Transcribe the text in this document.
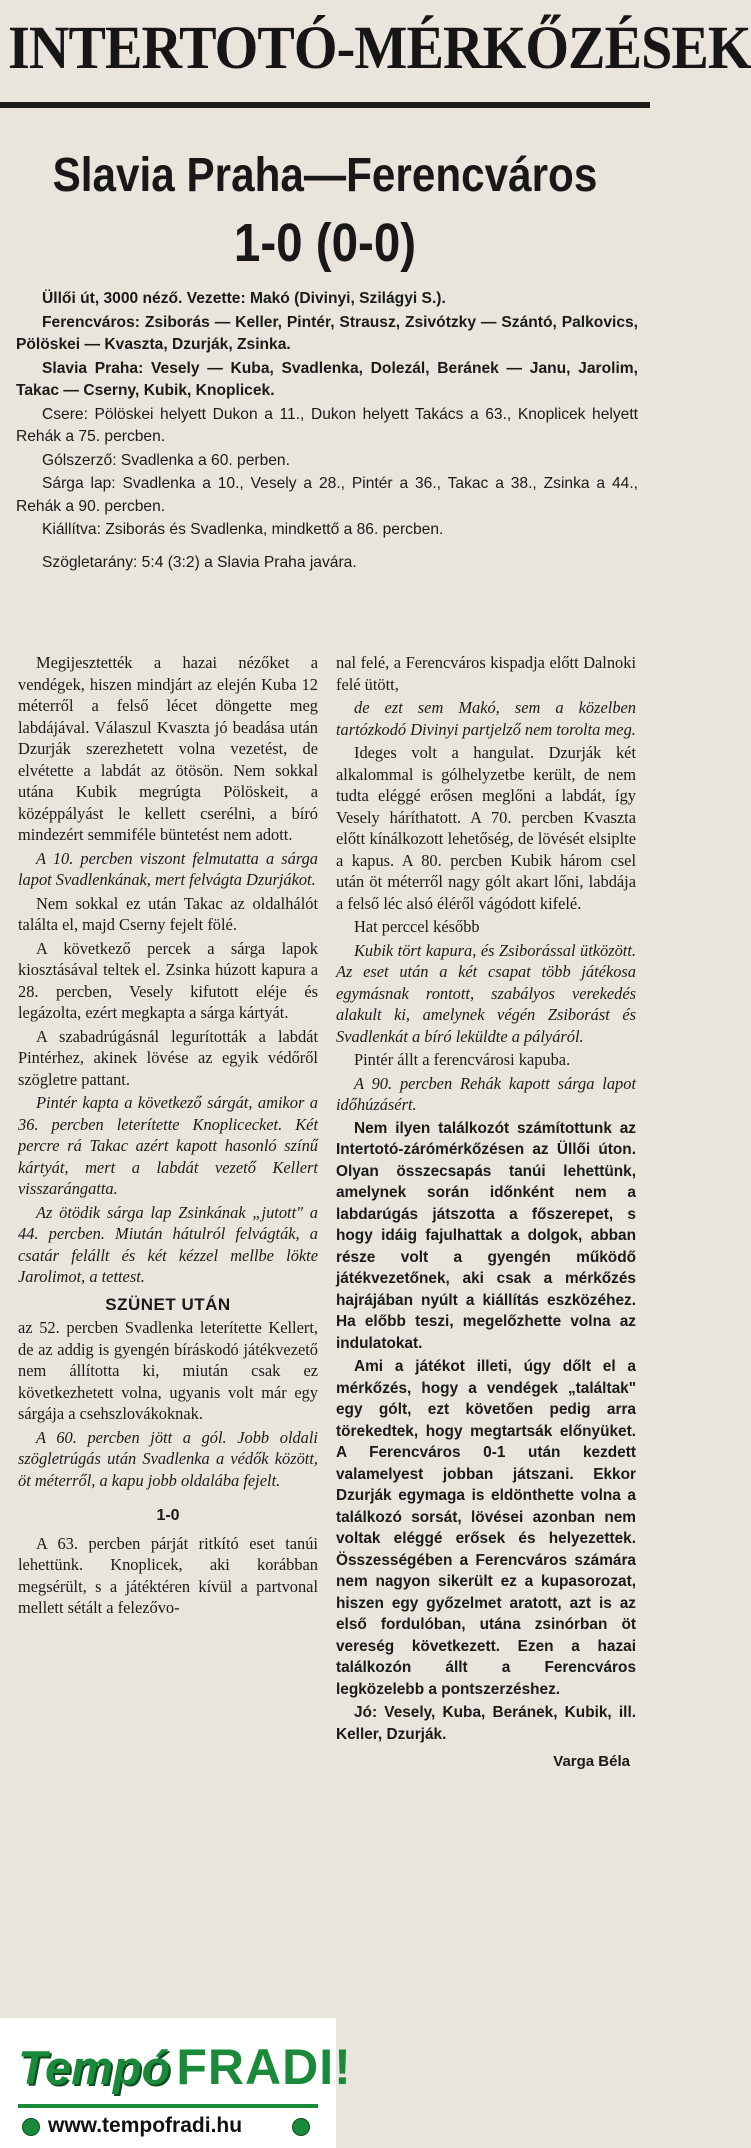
INTERTOTÓ-MÉRKŐZÉSEK
Slavia Praha—Ferencváros
1-0 (0-0)

Üllői út, 3000 néző. Vezette: Makó (Divinyi, Szilágyi S.).

Ferencváros: Zsiborás — Keller, Pintér, Strausz, Zsivótzky — Szántó, Palkovics, Pölöskei — Kvaszta, Dzurják, Zsinka.

Slavia Praha: Vesely — Kuba, Svadlenka, Dolezál, Beránek — Janu, Jarolim, Takac — Cserny, Kubik, Knoplicek.

Csere: Pölöskei helyett Dukon a 11., Dukon helyett Takács a 63., Knoplicek helyett Rehák a 75. percben.

Gólszerző: Svadlenka a 60. perben.

Sárga lap: Svadlenka a 10., Vesely a 28., Pintér a 36., Takac a 38., Zsinka a 44., Rehák a 90. percben.

Kiállítva: Zsiborás és Svadlenka, mindkettő a 86. percben.

Szögletarány: 5:4 (3:2) a Slavia Praha javára.

Megijesztették a hazai nézőket a vendégek, hiszen mindjárt az elején Kuba 12 méterről a felső lécet döngette meg labdájával. Válaszul Kvaszta jó beadása után Dzurják szerezhetett volna vezetést, de elvétette a labdát az ötösön. Nem sokkal utána Kubik megrúgta Pölöskeit, a középpályást le kellett cserélni, a bíró mindezért semmiféle büntetést nem adott.

A 10. percben viszont felmutatta a sárga lapot Svadlenkának, mert felvágta Dzurjákot.

Nem sokkal ez után Takac az oldalhálót találta el, majd Cserny fejelt fölé.

A következő percek a sárga lapok kiosztásával teltek el. Zsinka húzott kapura a 28. percben, Vesely kifutott eléje és legázolta, ezért megkapta a sárga kártyát.

A szabadrúgásnál legurították a labdát Pintérhez, akinek lövése az egyik védőről szögletre pattant.

Pintér kapta a következő sárgát, amikor a 36. percben leterítette Knoplicecket. Két percre rá Takac azért kapott hasonló színű kártyát, mert a labdát vezető Kellert visszarángatta.

Az ötödik sárga lap Zsinkának „jutott" a 44. percben. Miután hátulról felvágták, a csatár felállt és két kézzel mellbe lökte Jarolimot, a tettest.

SZÜNET UTÁN

az 52. percben Svadlenka leterítette Kellert, de az addig is gyengén bíráskodó játékvezető nem állította ki, miután csak ez következhetett volna, ugyanis volt már egy sárgája a csehszlovákoknak.

A 60. percben jött a gól. Jobb oldali szögletrúgás után Svadlenka a védők között, öt méterről, a kapu jobb oldalába fejelt.

1-0

A 63. percben párját ritkító eset tanúi lehettünk. Knoplicek, aki korábban megsérült, s a játéktéren kívül a partvonal mellett sétált a felezővo-

nal felé, a Ferencváros kispadja előtt Dalnoki felé ütött,

de ezt sem Makó, sem a közelben tartózkodó Divinyi partjelző nem torolta meg.

Ideges volt a hangulat. Dzurják két alkalommal is gólhelyzetbe került, de nem tudta eléggé erősen meglőni a labdát, így Vesely háríthatott. A 70. percben Kvaszta előtt kínálkozott lehetőség, de lövését elsiplte a kapus. A 80. percben Kubik három csel után öt méterről nagy gólt akart lőni, labdája a felső léc alsó éléről vágódott kifelé.

Hat perccel később

Kubik tört kapura, és Zsiborással ütközött. Az eset után a két csapat több játékosa egymásnak rontott, szabályos verekedés alakult ki, amelynek végén Zsiborást és Svadlenkát a bíró leküldte a pályáról.

Pintér állt a ferencvárosi kapuba.

A 90. percben Rehák kapott sárga lapot időhúzásért.

Nem ilyen találkozót számítottunk az Intertotó-zárómérkőzésen az Üllői úton. Olyan összecsapás tanúi lehettünk, amelynek során időnként nem a labdarúgás játszotta a főszerepet, s hogy idáig fajulhattak a dolgok, abban része volt a gyengén működő játékvezetőnek, aki csak a mérkőzés hajrájában nyúlt a kiállítás eszközéhez. Ha előbb teszi, megelőzhette volna az indulatokat.

Ami a játékot illeti, úgy dőlt el a mérkőzés, hogy a vendégek „találtak" egy gólt, ezt követően pedig arra törekedtek, hogy megtartsák előnyüket. A Ferencváros 0-1 után kezdett valamelyest jobban játszani. Ekkor Dzurják egymaga is eldönthette volna a találkozó sorsát, lövései azonban nem voltak eléggé erősek és helyezettek. Összességében a Ferencváros számára nem nagyon sikerült ez a kupasorozat, hiszen egy győzelmet aratott, azt is az első fordulóban, utána zsinórban öt vereség következett. Ezen a hazai találkozón állt a Ferencváros legközelebb a pontszerzéshez.

Jó: Vesely, Kuba, Beránek, Kubik, ill. Keller, Dzurják.

Varga Béla

Tempó FRADI!
www.tempofradi.hu
